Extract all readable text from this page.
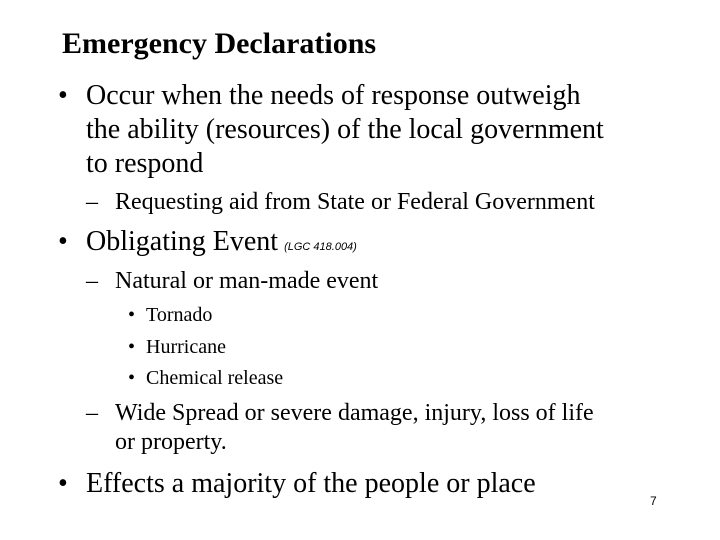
Emergency Declarations
• Occur when the needs of response outweigh
the ability (resources) of the local government
to respond
– Requesting aid from State or Federal Government
• Obligating Event (LGC 418.004)
– Natural or man-made event
• Tornado
• Hurricane
• Chemical release
– Wide Spread or severe damage, injury, loss of life
or property.
• Effects a majority of the people or place
7
